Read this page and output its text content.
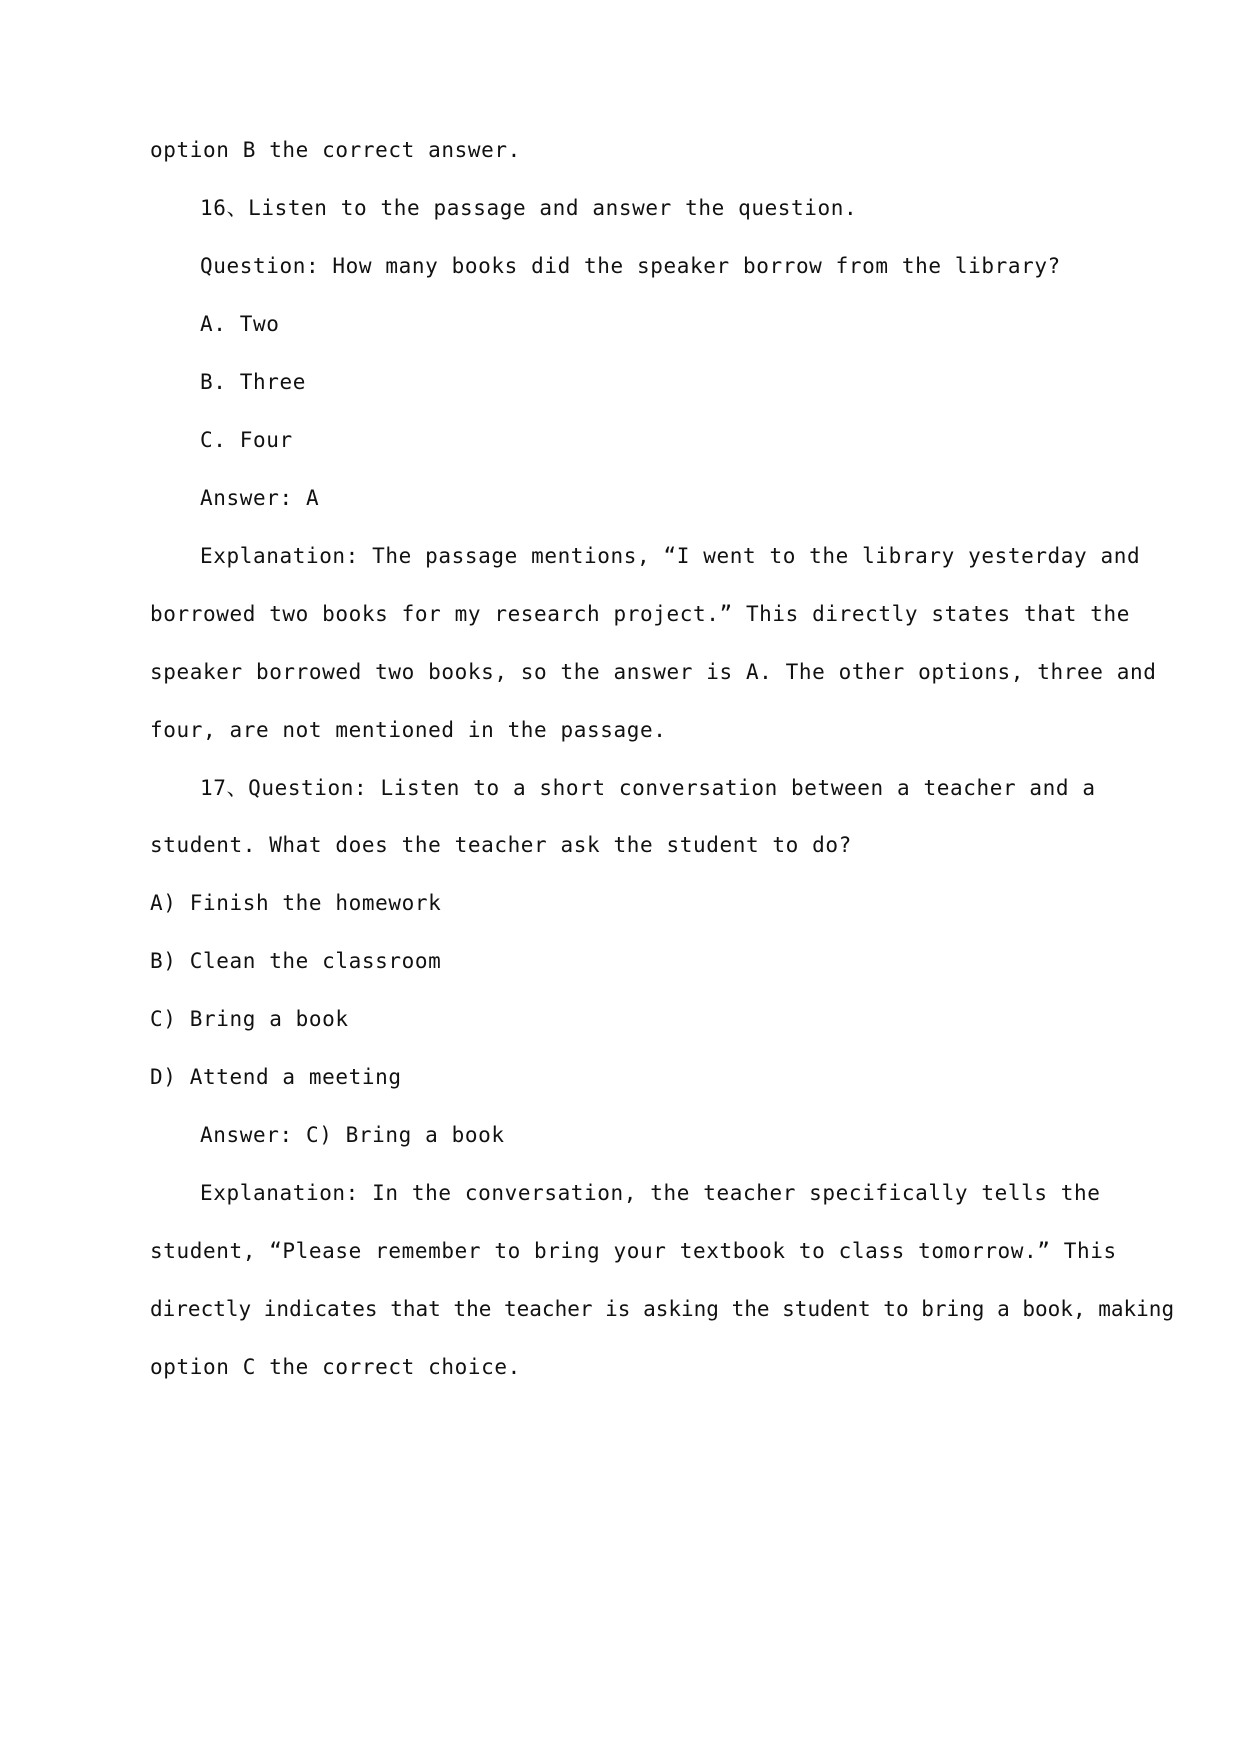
option B the correct answer.
16、Listen to the passage and answer the question.
Question: How many books did the speaker borrow from the library?
A. Two
B. Three
C. Four
Answer: A
Explanation: The passage mentions, “I went to the library yesterday and
borrowed two books for my research project.” This directly states that the
speaker borrowed two books, so the answer is A. The other options, three and
four, are not mentioned in the passage.
17、Question: Listen to a short conversation between a teacher and a
student. What does the teacher ask the student to do?
A) Finish the homework
B) Clean the classroom
C) Bring a book
D) Attend a meeting
Answer: C) Bring a book
Explanation: In the conversation, the teacher specifically tells the
student, “Please remember to bring your textbook to class tomorrow.” This
directly indicates that the teacher is asking the student to bring a book, making
option C the correct choice.
